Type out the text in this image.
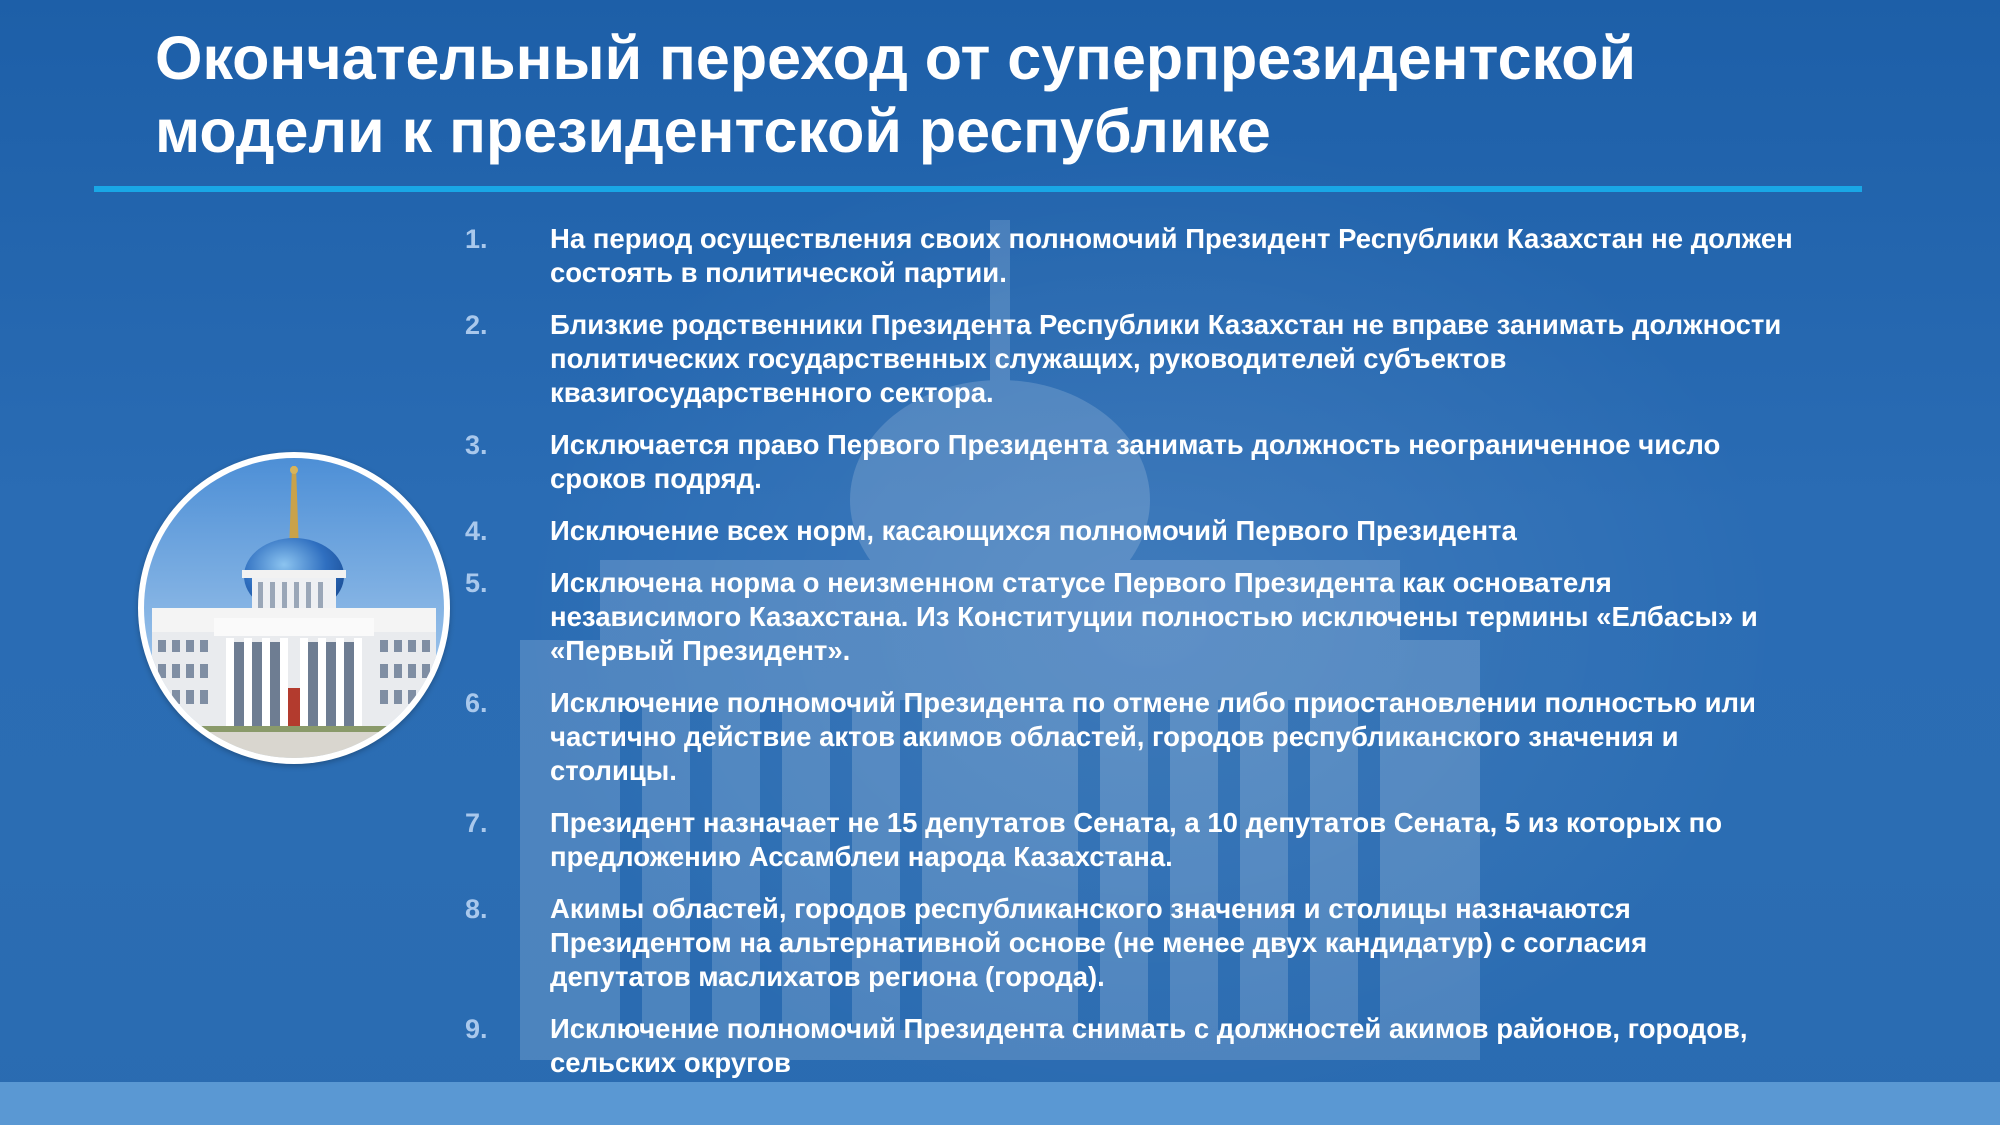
Окончательный переход от суперпрезидентской
модели к президентской республике
1.	На период осуществления своих полномочий Президент Республики Казахстан не должен
состоять в политической партии.
2.	Близкие родственники Президента Республики Казахстан не вправе занимать должности
политических государственных служащих, руководителей субъектов
квазигосударственного сектора.
3.	Исключается право Первого Президента занимать должность неограниченное число
сроков подряд.
4.	Исключение всех норм, касающихся полномочий Первого Президента
5.	Исключена норма о неизменном статусе Первого Президента как основателя
независимого Казахстана. Из Конституции полностью исключены термины «Елбасы» и
«Первый Президент».
6.	Исключение полномочий Президента по отмене либо приостановлении полностью или
частично действие актов акимов областей, городов республиканского значения и
столицы.
7.	Президент назначает не 15 депутатов Сената, а 10 депутатов Сената, 5 из которых по
предложению Ассамблеи народа Казахстана.
8.	Акимы областей, городов республиканского значения и столицы назначаются
Президентом на альтернативной основе (не менее двух кандидатур) с согласия
депутатов маслихатов региона (города).
9.	Исключение полномочий Президента снимать с должностей акимов районов, городов,
сельских округов
